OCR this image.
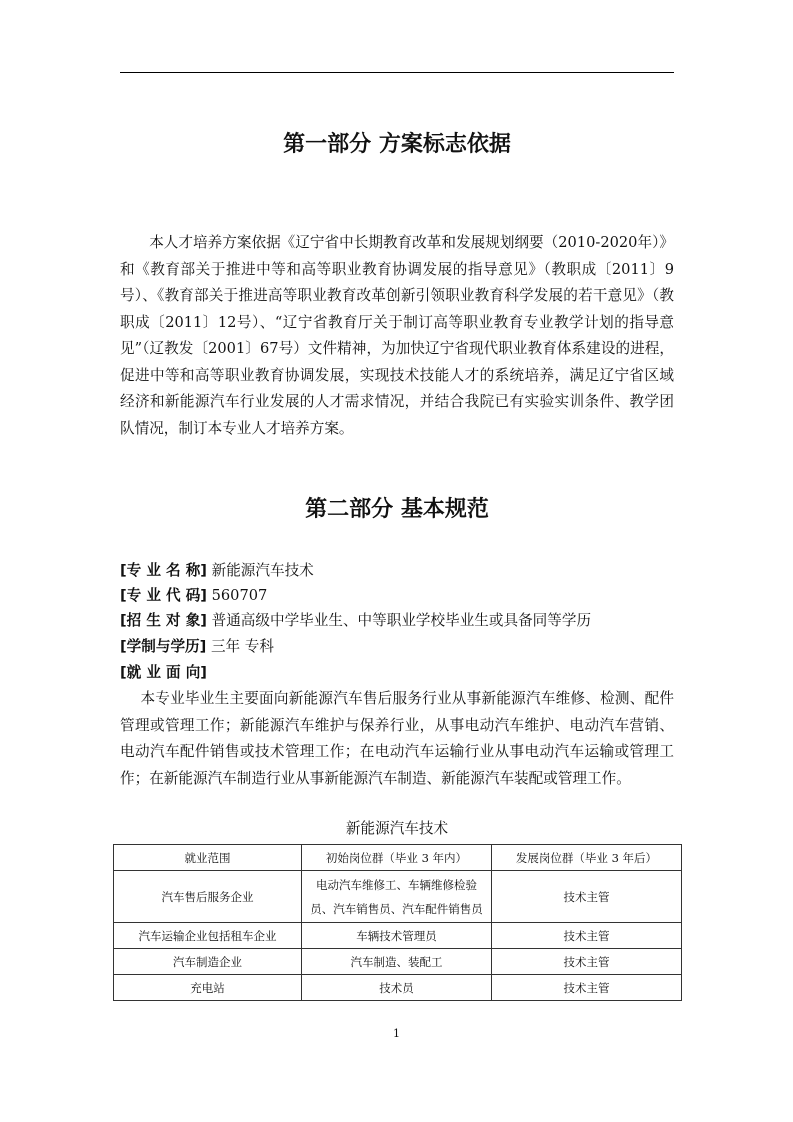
第一部分 方案标志依据

本人才培养方案依据《辽宁省中长期教育改革和发展规划纲要（2010-2020年）》和《教育部关于推进中等和高等职业教育协调发展的指导意见》（教职成〔2011〕9号）、《教育部关于推进高等职业教育改革创新引领职业教育科学发展的若干意见》（教职成〔2011〕12号）、“辽宁省教育厅关于制订高等职业教育专业教学计划的指导意见”（辽教发〔2001〕67号）文件精神，为加快辽宁省现代职业教育体系建设的进程，促进中等和高等职业教育协调发展，实现技术技能人才的系统培养，满足辽宁省区域经济和新能源汽车行业发展的人才需求情况，并结合我院已有实验实训条件、教学团队情况，制订本专业人才培养方案。

第二部分 基本规范

[专 业 名 称] 新能源汽车技术

[专 业 代 码] 560707

[招 生 对 象] 普通高级中学毕业生、中等职业学校毕业生或具备同等学历

[学制与学历] 三年 专科

[就 业 面 向]

本专业毕业生主要面向新能源汽车售后服务行业从事新能源汽车维修、检测、配件管理或管理工作；新能源汽车维护与保养行业，从事电动汽车维护、电动汽车营销、电动汽车配件销售或技术管理工作；在电动汽车运输行业从事电动汽车运输或管理工作；在新能源汽车制造行业从事新能源汽车制造、新能源汽车装配或管理工作。

新能源汽车技术
就业范围	初始岗位群（毕业 3 年内）	发展岗位群（毕业 3 年后）
汽车售后服务企业	电动汽车维修工、车辆维修检验员、汽车销售员、汽车配件销售员	技术主管
汽车运输企业包括租车企业	车辆技术管理员	技术主管
汽车制造企业	汽车制造、装配工	技术主管
充电站	技术员	技术主管
1
